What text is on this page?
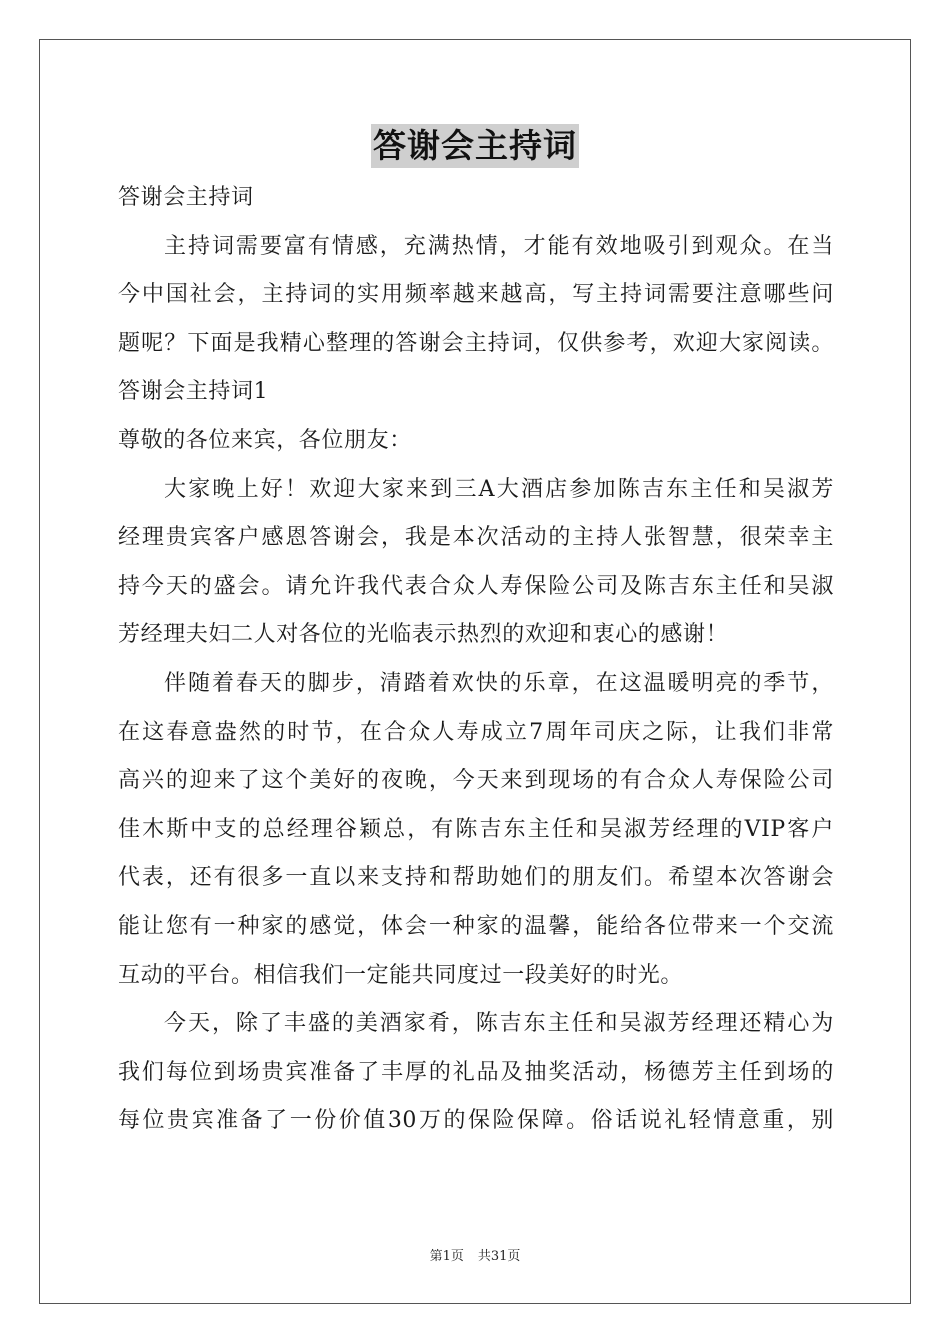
答谢会主持词
答谢会主持词
主持词需要富有情感，充满热情，才能有效地吸引到观众。在当
今中国社会，主持词的实用频率越来越高，写主持词需要注意哪些问
题呢？下面是我精心整理的答谢会主持词，仅供参考，欢迎大家阅读。
答谢会主持词1
尊敬的各位来宾，各位朋友：
大家晚上好！欢迎大家来到三A大酒店参加陈吉东主任和吴淑芳
经理贵宾客户感恩答谢会，我是本次活动的主持人张智慧，很荣幸主
持今天的盛会。请允许我代表合众人寿保险公司及陈吉东主任和吴淑
芳经理夫妇二人对各位的光临表示热烈的欢迎和衷心的感谢！
伴随着春天的脚步，清踏着欢快的乐章，在这温暖明亮的季节，
在这春意盎然的时节，在合众人寿成立7周年司庆之际，让我们非常
高兴的迎来了这个美好的夜晚，今天来到现场的有合众人寿保险公司
佳木斯中支的总经理谷颖总，有陈吉东主任和吴淑芳经理的VIP客户
代表，还有很多一直以来支持和帮助她们的朋友们。希望本次答谢会
能让您有一种家的感觉，体会一种家的温馨，能给各位带来一个交流
互动的平台。相信我们一定能共同度过一段美好的时光。
今天，除了丰盛的美酒家肴，陈吉东主任和吴淑芳经理还精心为
我们每位到场贵宾准备了丰厚的礼品及抽奖活动，杨德芳主任到场的
每位贵宾准备了一份价值30万的保险保障。俗话说礼轻情意重，别
第1页 共31页
